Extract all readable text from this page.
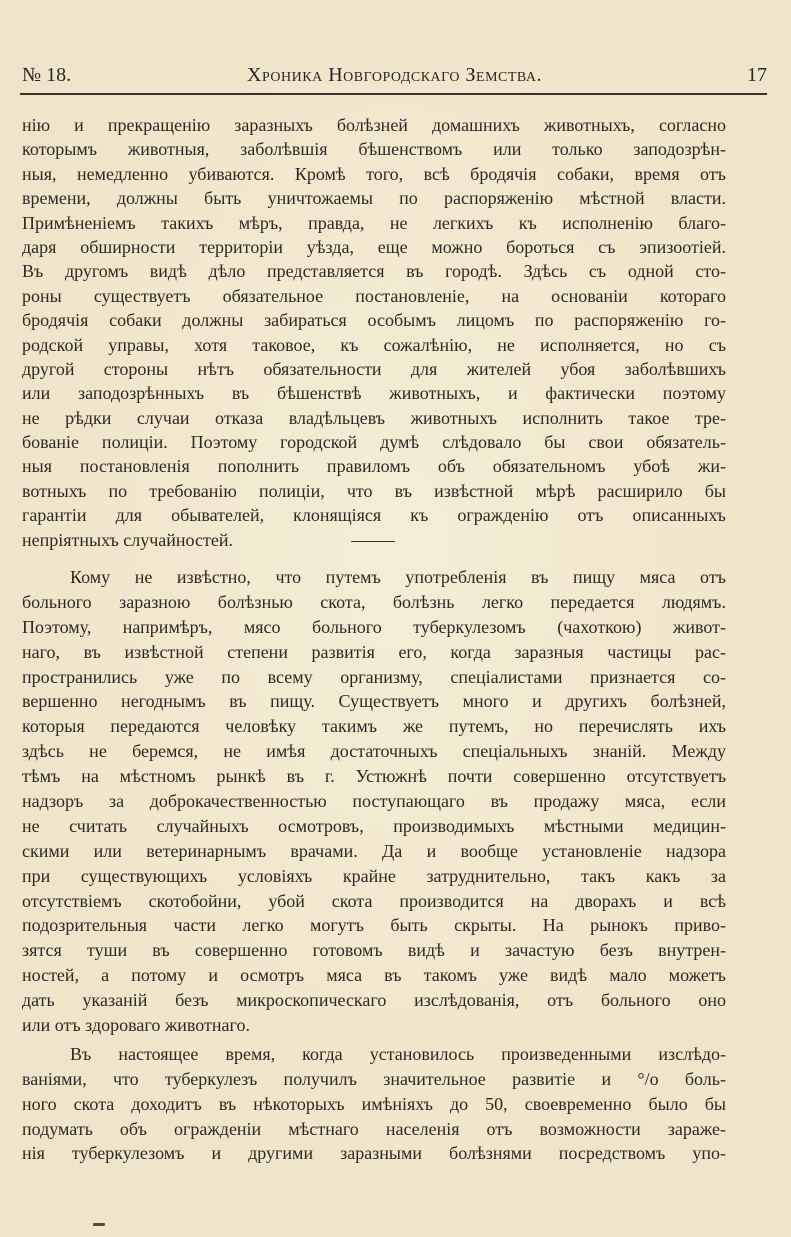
№ 18.	Хроника Новгородскаго Земства.	17
нію и прекращенію заразныхъ болѣзней домашнихъ животныхъ, согласно
которымъ животныя, заболѣвшія бѣшенствомъ или только заподозрѣн-
ныя, немедленно убиваются. Кромѣ того, всѣ бродячія собаки, время отъ
времени, должны быть уничтожаемы по распоряженію мѣстной власти.
Примѣненіемъ такихъ мѣръ, правда, не легкихъ къ исполненію благо-
даря обширности территоріи уѣзда, еще можно бороться съ эпизоотіей.
Въ другомъ видѣ дѣло представляется въ городѣ. Здѣсь съ одной сто-
роны существуетъ обязательное постановленіе, на основаніи котораго
бродячія собаки должны забираться особымъ лицомъ по распоряженію го-
родской управы, хотя таковое, къ сожалѣнію, не исполняется, но съ
другой стороны нѣтъ обязательности для жителей убоя заболѣвшихъ
или заподозрѣнныхъ въ бѣшенствѣ животныхъ, и фактически поэтому
не рѣдки случаи отказа владѣльцевъ животныхъ исполнить такое тре-
бованіе полиціи. Поэтому городской думѣ слѣдовало бы свои обязатель-
ныя постановленія пополнить правиломъ объ обязательномъ убоѣ жи-
вотныхъ по требованію полиціи, что въ извѣстной мѣрѣ расширило бы
гарантіи для обывателей, клонящіяся къ огражденію отъ описанныхъ
непріятныхъ случайностей.
Кому не извѣстно, что путемъ употребленія въ пищу мяса отъ
больного заразною болѣзнью скота, болѣзнь легко передается людямъ.
Поэтому, напримѣръ, мясо больного туберкулезомъ (чахоткою) живот-
наго, въ извѣстной степени развитія его, когда заразныя частицы рас-
пространились уже по всему организму, спеціалистами признается со-
вершенно негоднымъ въ пищу. Существуетъ много и другихъ болѣзней,
которыя передаются человѣку такимъ же путемъ, но перечислять ихъ
здѣсь не беремся, не имѣя достаточныхъ спеціальныхъ знаній. Между
тѣмъ на мѣстномъ рынкѣ въ г. Устюжнѣ почти совершенно отсутствуетъ
надзоръ за доброкачественностью поступающаго въ продажу мяса, если
не считать случайныхъ осмотровъ, производимыхъ мѣстными медицин-
скими или ветеринарнымъ врачами. Да и вообще установленіе надзора
при существующихъ условіяхъ крайне затруднительно, такъ какъ за
отсутствіемъ скотобойни, убой скота производится на дворахъ и всѣ
подозрительныя части легко могутъ быть скрыты. На рынокъ приво-
зятся туши въ совершенно готовомъ видѣ и зачастую безъ внутрен-
ностей, а потому и осмотръ мяса въ такомъ уже видѣ мало можетъ
дать указаній безъ микроскопическаго изслѣдованія, отъ больного оно
или отъ здороваго животнаго.
Въ настоящее время, когда установилось произведенными изслѣдо-
ваніями, что туберкулезъ получилъ значительное развитіе и °/о боль-
ного скота доходитъ въ нѣкоторыхъ имѣніяхъ до 50, своевременно было бы
подумать объ огражденіи мѣстнаго населенія отъ возможности зараже-
нія туберкулезомъ и другими заразными болѣзнями посредствомъ упо-
